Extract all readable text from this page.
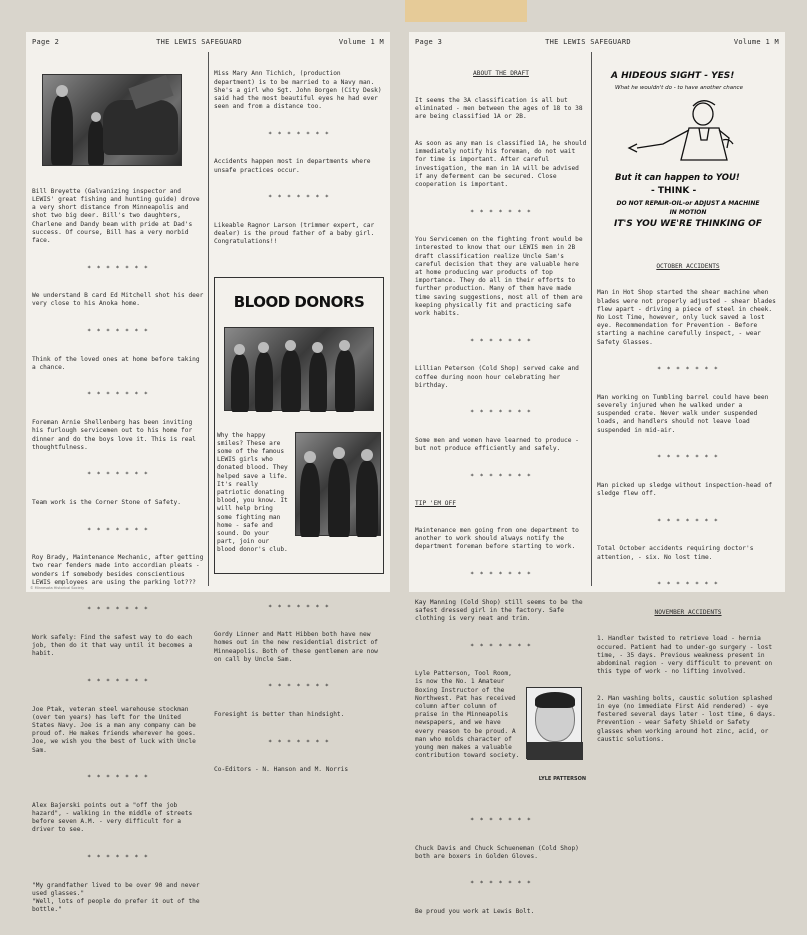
Page 2	THE LEWIS SAFEGUARD	Volume 1 M

Bill Breyette (Galvanizing inspector and LEWIS' great fishing and hunting guide) drove a very short distance from Minneapolis and shot two big deer. Bill's two daughters, Charlene and Dandy beam with pride at Dad's success. Of course, Bill has a very morbid face.

* * * * * * *

We understand B card Ed Mitchell shot his deer very close to his Anoka home.

* * * * * * *

Think of the loved ones at home before taking a chance.

* * * * * * *

Foreman Arnie Shellenberg has been inviting his furlough servicemen out to his home for dinner and do the boys love it. This is real thoughtfulness.

* * * * * * *

Team work is the Corner Stone of Safety.

* * * * * * *

Roy Brady, Maintenance Mechanic, after getting two rear fenders made into accordian pleats - wonders if somebody besides conscientious LEWIS employees are using the parking lot???

* * * * * * *

Work safely: Find the safest way to do each job, then do it that way until it becomes a habit.

* * * * * * *

Joe Ptak, veteran steel warehouse stockman (over ten years) has left for the United States Navy. Joe is a man any company can be proud of. He makes friends wherever he goes. Joe, we wish you the best of luck with Uncle Sam.

* * * * * * *

Alex Bajerski points out a "off the job hazard", - walking in the middle of streets before seven A.M. - very difficult for a driver to see.

* * * * * * *

"My grandfather lived to be over 90 and never used glasses."
"Well, lots of people do prefer it out of the bottle."

Miss Mary Ann Tichich, (production department) is to be married to a Navy man. She's a girl who Sgt. John Borgen (City Desk) said had the most beautiful eyes he had ever seen and from a distance too.

* * * * * * *

Accidents happen most in departments where unsafe practices occur.

* * * * * * *

Likeable Ragnor Larson (trimmer expert, car dealer) is the proud father of a baby girl. Congratulations!!

BLOOD DONORS

Why the happy smiles? These are some of the famous LEWIS girls who donated blood. They helped save a life. It's really patriotic donating blood, you know. It will help bring some fighting man home - safe and sound. Do your part, join our blood donor's club.

* * * * * * *

Gordy Linner and Matt Hibben both have new homes out in the new residential district of Minneapolis. Both of these gentlemen are now on call by Uncle Sam.

* * * * * * *

Foresight is better than hindsight.

* * * * * * *

Co-Editors - N. Hanson and M. Norris

© Minnesota Historical Society
Page 3	THE LEWIS SAFEGUARD	Volume 1 M

ABOUT THE DRAFT

It seems the 3A classification is all but eliminated - men between the ages of 18 to 38 are being classified 1A or 2B.

As soon as any man is classified 1A, he should immediately notify his foreman, do not wait for time is important. After careful investigation, the man in 1A will be advised if any deferment can be secured. Close cooperation is important.

* * * * * * *

You Servicemen on the fighting front would be interested to know that our LEWIS men in 2B draft classification realize Uncle Sam's careful decision that they are valuable here at home producing war products of top importance. They do all in their efforts to further production. Many of them have made time saving suggestions, most all of them are keeping physically fit and practicing safe work habits.

* * * * * * *

Lillian Peterson (Cold Shop) served cake and coffee during noon hour celebrating her birthday.

* * * * * * *

Some men and women have learned to produce - but not produce efficiently and safely.

* * * * * * *

TIP 'EM OFF

Maintenance men going from one department to another to work should always notify the department foreman before starting to work.

* * * * * * *

Kay Manning (Cold Shop) still seems to be the safest dressed girl in the factory. Safe clothing is very neat and trim.

* * * * * * *

Lyle Patterson, Tool Room, is now the No. 1 Amateur Boxing Instructor of the Northwest. Pat has received column after column of praise in the Minneapolis newspapers, and we have every reason to be proud. A man who molds character of young men makes a valuable contribution toward society.

LYLE PATTERSON

* * * * * * *

Chuck Davis and Chuck Schueneman (Cold Shop) both are boxers in Golden Gloves.

* * * * * * *

Be proud you work at Lewis Bolt.

A HIDEOUS SIGHT - YES!

What he wouldn't do - to have another chance

But it can happen to YOU!

- THINK -

DO NOT REPAIR-OIL-or ADJUST A MACHINE IN MOTION

IT'S YOU WE'RE THINKING OF

OCTOBER ACCIDENTS

Man in Hot Shop started the shear machine when blades were not properly adjusted - shear blades flew apart - driving a piece of steel in cheek. No Lost Time, however, only luck saved a lost eye. Recommendation for Prevention - Before starting a machine carefully inspect, - wear Safety Glasses.

* * * * * * *

Man working on Tumbling barrel could have been severely injured when he walked under a suspended crate. Never walk under suspended loads, and handlers should not leave load suspended in mid-air.

* * * * * * *

Man picked up sledge without inspection-head of sledge flew off.

* * * * * * *

Total October accidents requiring doctor's attention, - six. No lost time.

* * * * * * *

NOVEMBER ACCIDENTS

1. Handler twisted to retrieve load - hernia occured. Patient had to under-go surgery - lost time, - 35 days. Previous weakness present in abdominal region - very difficult to prevent on this type of work - no lifting involved.

2. Man washing bolts, caustic solution splashed in eye (no immediate First Aid rendered) - eye festered several days later - lost time, 6 days. Prevention - wear Safety Shield or Safety glasses when working around hot zinc, acid, or caustic solutions.
